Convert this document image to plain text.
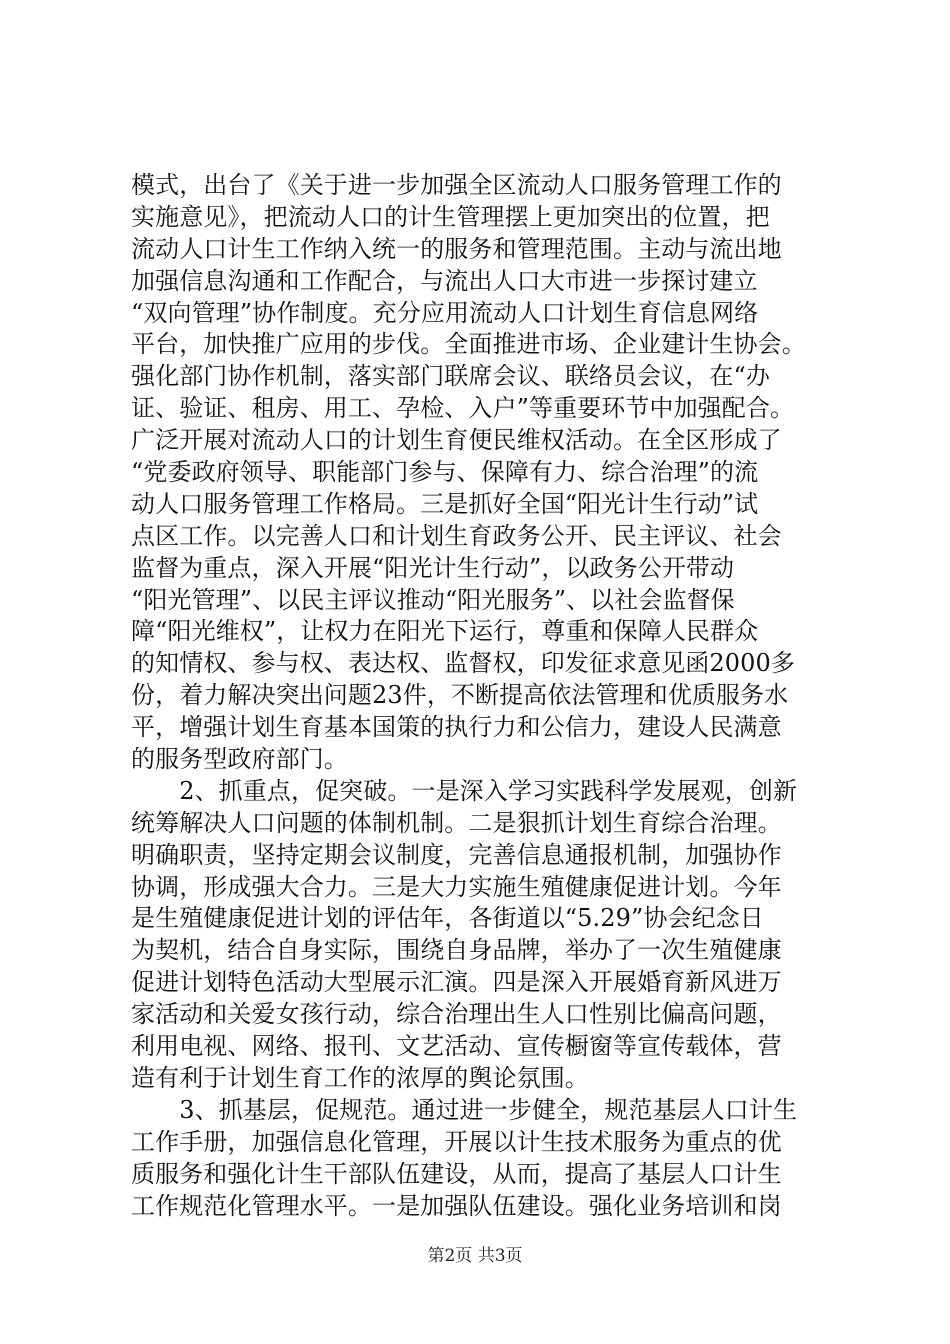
模式，出台了《关于进一步加强全区流动人口服务管理工作的
实施意见》，把流动人口的计生管理摆上更加突出的位置，把
流动人口计生工作纳入统一的服务和管理范围。主动与流出地
加强信息沟通和工作配合，与流出人口大市进一步探讨建立
“双向管理”协作制度。充分应用流动人口计划生育信息网络
平台，加快推广应用的步伐。全面推进市场、企业建计生协会。
强化部门协作机制，落实部门联席会议、联络员会议，在“办
证、验证、租房、用工、孕检、入户”等重要环节中加强配合。
广泛开展对流动人口的计划生育便民维权活动。在全区形成了
“党委政府领导、职能部门参与、保障有力、综合治理”的流
动人口服务管理工作格局。三是抓好全国“阳光计生行动”试
点区工作。以完善人口和计划生育政务公开、民主评议、社会
监督为重点，深入开展“阳光计生行动”，以政务公开带动
“阳光管理”、以民主评议推动“阳光服务”、以社会监督保
障“阳光维权”，让权力在阳光下运行，尊重和保障人民群众
的知情权、参与权、表达权、监督权，印发征求意见函2000多
份，着力解决突出问题23件，不断提高依法管理和优质服务水
平，增强计划生育基本国策的执行力和公信力，建设人民满意
的服务型政府部门。
　　2、抓重点，促突破。一是深入学习实践科学发展观，创新
统筹解决人口问题的体制机制。二是狠抓计划生育综合治理。
明确职责，坚持定期会议制度，完善信息通报机制，加强协作
协调，形成强大合力。三是大力实施生殖健康促进计划。今年
是生殖健康促进计划的评估年，各街道以“5.29”协会纪念日
为契机，结合自身实际，围绕自身品牌，举办了一次生殖健康
促进计划特色活动大型展示汇演。四是深入开展婚育新风进万
家活动和关爱女孩行动，综合治理出生人口性别比偏高问题，
利用电视、网络、报刊、文艺活动、宣传橱窗等宣传载体，营
造有利于计划生育工作的浓厚的舆论氛围。
　　3、抓基层，促规范。通过进一步健全，规范基层人口计生
工作手册，加强信息化管理，开展以计生技术服务为重点的优
质服务和强化计生干部队伍建设，从而，提高了基层人口计生
工作规范化管理水平。一是加强队伍建设。强化业务培训和岗
第2页 共3页
